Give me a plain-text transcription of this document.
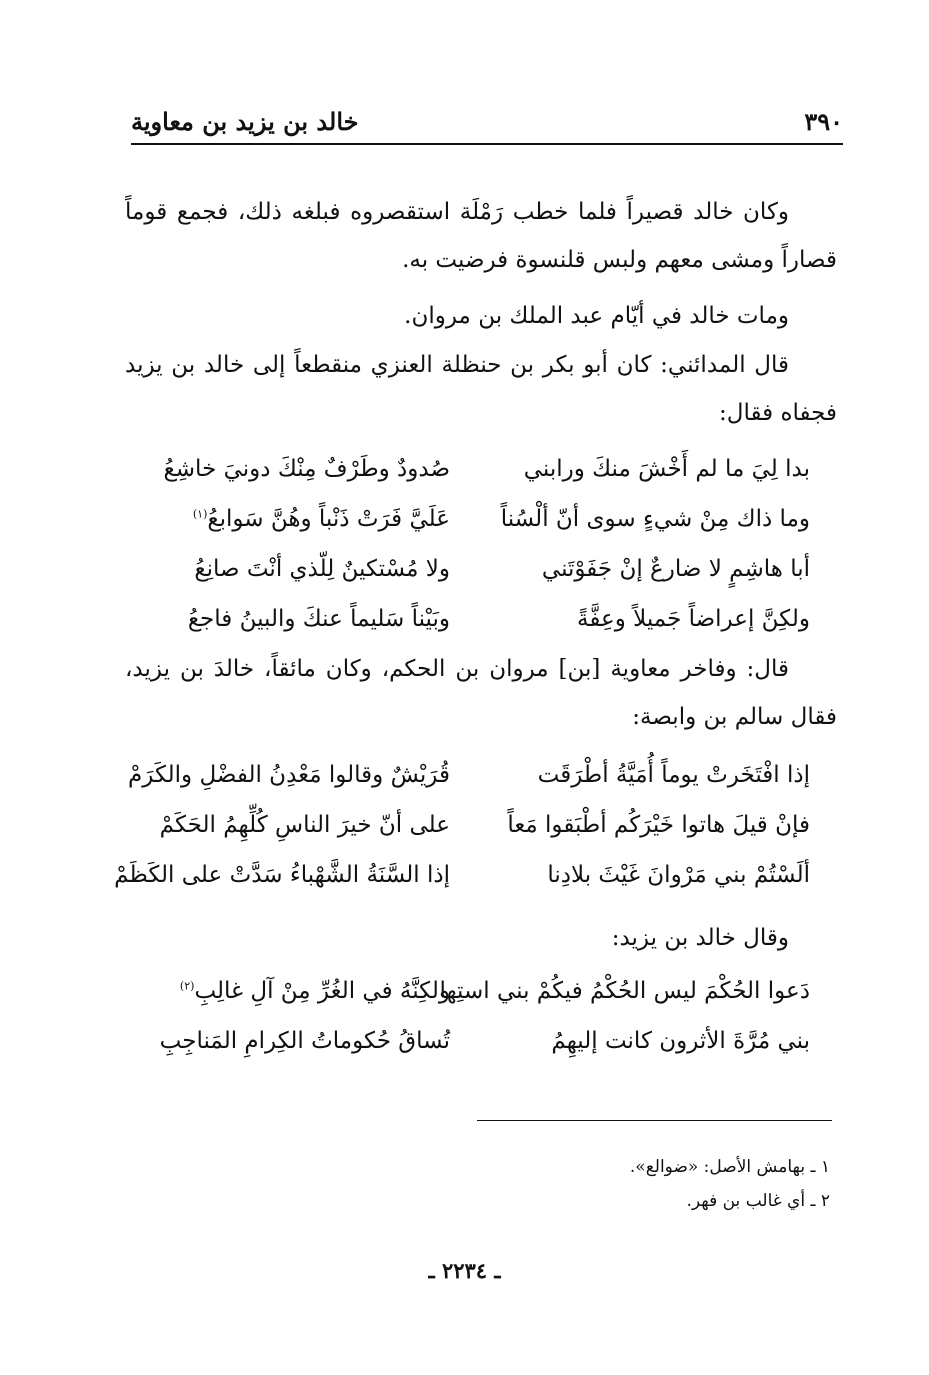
٣٩٠
خالد بن يزيد بن معاوية
وكان خالد قصيراً فلما خطب رَمْلَة استقصروه فبلغه ذلك، فجمع قوماً قصاراً ومشى معهم ولبس قلنسوة فرضيت به.
ومات خالد في أيّام عبد الملك بن مروان.
قال المدائني: كان أبو بكر بن حنظلة العنزي منقطعاً إلى خالد بن يزيد فجفاه فقال:
بدا لِيَ ما لم أَخْشَ منكَ ورابني
صُدودٌ وطَرْفٌ مِنْكَ دونيَ خاشِعُ
وما ذاك مِنْ شيءٍ سوى أنّ ألْسُناً
عَلَيَّ فَرَتْ ذَنْباً وهُنَّ سَوابعُ$^{(١)}$
أبا هاشِمٍ لا ضارعٌ إنْ جَفَوْتَني
ولا مُسْتكينٌ لِلّذي أنْتَ صانِعُ
ولكِنَّ إعراضاً جَميلاً وعِفَّةً
وبَيْناً سَليماً عنكَ والبينُ فاجعُ
قال: وفاخر معاوية [بن] مروان بن الحكم، وكان مائقاً، خالدَ بن يزيد، فقال سالم بن وابصة:
إذا افْتَخَرتْ يوماً أُمَيَّةُ أطْرَقَت
قُرَيْشٌ وقالوا مَعْدِنُ الفضْلِ والكَرَمْ
فإنْ قيلَ هاتوا خَيْرَكُم أطْبَقوا مَعاً
على أنّ خيرَ الناسِ كُلِّهِمُ الحَكَمْ
ألَسْتُمْ بني مَرْوانَ غَيْثَ بلادِنا
إذا السَّنَةُ الشَّهْباءُ سَدَّتْ على الكَظَمْ
وقال خالد بن يزيد:
دَعوا الحُكْمَ ليس الحُكْمُ فيكُمْ بني استِها
ولكِنَّهُ في الغُرِّ مِنْ آلِ غالِبِ$^{(٢)}$
بني مُرَّةَ الأثرون كانت إليهِمُ
تُساقُ حُكوماتُ الكِرامِ المَناجِبِ
١ ـ بهامش الأصل: «ضوالع».
٢ ـ أي غالب بن فهر.
ـ ٢٢٣٤ ـ
